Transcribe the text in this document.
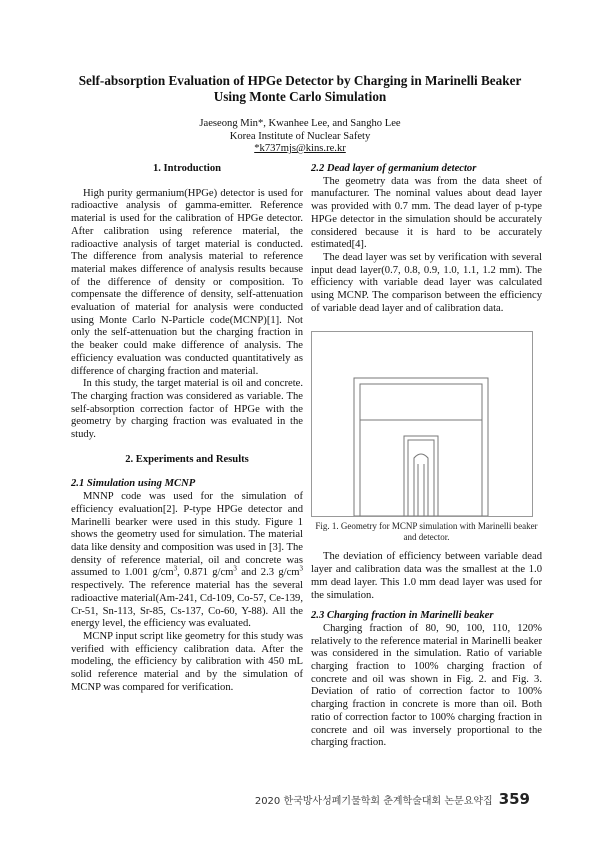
Self-absorption Evaluation of HPGe Detector by Charging in Marinelli Beaker
Using Monte Carlo Simulation
Jaeseong Min*, Kwanhee Lee, and Sangho Lee
Korea Institute of Nuclear Safety
*k737mjs@kins.re.kr
1. Introduction

High purity germanium(HPGe) detector is used for radioactive analysis of gamma-emitter. Reference material is used for the calibration of HPGe detector. After calibration using reference material, the radioactive analysis of target material is conducted. The difference from analysis material to reference material makes difference of analysis results because of the difference of density or composition. To compensate the difference of density, self-attenuation evaluation of material for analysis were conducted using Monte Carlo N-Particle code(MCNP)[1]. Not only the self-attenuation but the charging fraction in the beaker could make difference of analysis. The efficiency evaluation was conducted quantitatively as difference of charging fraction and material.

In this study, the target material is oil and concrete. The charging fraction was considered as variable. The self-absorption correction factor of HPGe with the geometry by charging fraction was evaluated in the study.

2. Experiments and Results
2.1 Simulation using MCNP

MNNP code was used for the simulation of efficiency evaluation[2]. P-type HPGe detector and Marinelli bearker were used in this study. Figure 1 shows the geometry used for simulation. The material data like density and composition was used in [3]. The density of reference material, oil and concrete was assumed to 1.001 $g/cm^3$, 0.871 $g/cm^3$ and 2.3 $g/cm^3$ respectively. The reference material has the several radioactive material(Am-241, Cd-109, Co-57, Ce-139, Cr-51, Sn-113, Sr-85, Cs-137, Co-60, Y-88). All the energy level, the efficiency was evaluated.

MCNP input script like geometry for this study was verified with efficiency calibration data. After the modeling, the efficiency by calibration with 450 mL solid reference material and by the simulation of MCNP was compared for verification.

2.2 Dead layer of germanium detector

The geometry data was from the data sheet of manufacturer. The nominal values about dead layer was provided with 0.7 mm. The dead layer of p-type HPGe detector in the simulation should be accurately considered because it is hard to be accurately estimated[4].

The dead layer was set by verification with several input dead layer(0.7, 0.8, 0.9, 1.0, 1.1, 1.2 mm). The efficiency with variable dead layer was calculated using MCNP. The comparison between the efficiency of variable dead layer and of calibration data.

Fig. 1. Geometry for MCNP simulation with Marinelli beaker and detector.

The deviation of efficiency between variable dead layer and calibration data was the smallest at the 1.0 mm dead layer. This 1.0 mm dead layer was used for the simulation.

2.3 Charging fraction in Marinelli beaker

Charging fraction of 80, 90, 100, 110, 120% relatively to the reference material in Marinelli beaker was considered in the simulation. Ratio of variable charging fraction to 100% charging fraction of concrete and oil was shown in Fig. 2. and Fig. 3. Deviation of ratio of correction factor to 100% charging fraction in concrete is more than oil. Both ratio of correction factor to 100% charging fraction in concrete and oil was inversely proportional to the charging fraction.

2020 한국방사성폐기물학회 춘계학술대회 논문요약집 359
